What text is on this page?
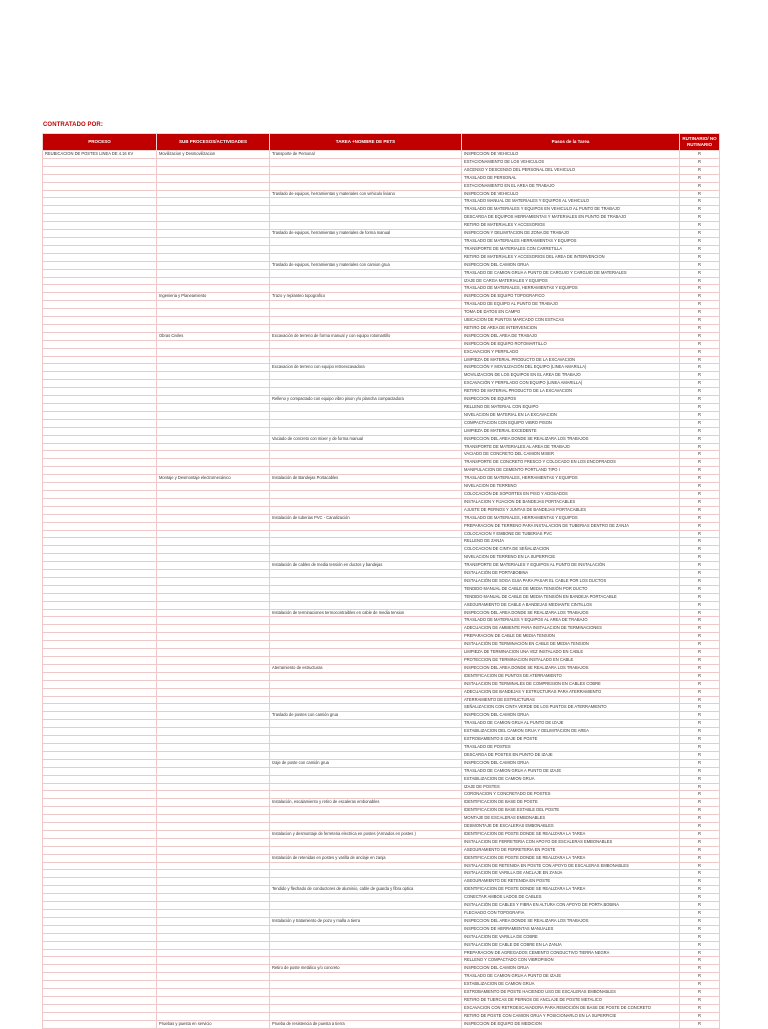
CONTRATADO POR:
PROCESO	SUB PROCESOS/ACTIVIDADES	TAREA +NOMBRE DE PETS	Pasos de la Tarea	RUTINARIO/ NO RUTINARIO
REUBICACION DE POSTES LINEA DE 4.16 KV	Movilizacion y Desmovilizacion	Transporte de Personal	INSPECCION DE VEHICULO	R
			ESTACIONAMIENTO DE LOS VEHICULOS	R
			ASCENSO Y DESCENSO DEL PERSONAL DEL VEHICULO	R
			TRASLADO DE PERSONAL	R
			ESTACIONAMIENTO EN EL AREA DE TRABAJO	R
		Traslado de equipos, herramientas y materiales con vehiculo liviano	INSPECCION DE VEHICULO	R
			TRASLADO MANUAL DE MATERIALES Y EQUIPOS AL VEHICULO	R
			TRASLADO DE MATERIALES Y EQUIPOS EN VEHICULO AL PUNTO DE TRABAJO	R
			DESCARGA DE EQUIPOS HERRAMIENTAS Y MATERIALES EN PUNTO DE TRABAJO	R
			RETIRO DE MATERIALES Y ACCESORIOS	R
		Traslado de equipos, herramientas y materiales de forma manual	INSPECCION Y DELIMITACION DE ZONA DE TRABAJO	R
			TRASLADO DE MATERIALES HERRAMIENTAS Y EQUIPOS	R
			TRANSPORTE DE MATERIALES CON CARRETILLA	R
			RETIRO DE MATERIALES Y ACCESORIOS DEL AREA DE INTERVENCION	R
		Traslado de equipos, herramientas y materiales con camion grua	INSPECCION DEL CAMION GRUA	R
			TRASLADO DE CAMION GRUA A PUNTO DE CARGUIO Y CARGUIO DE MATERIALES	R
			IZAJE DE CARGA MATERIALES Y EQUIPOS	R
			TRASLADO DE MATERIALES, HERRAMIENTAS Y EQUIPOS	R
	Ingenieria y Planeamiento	Trazo y replanteo topografico	INSPECCION DE EQUIPO TOPOGRAFICO	R
			TRASLADO DE EQUIPO AL PUNTO DE TRABAJO	R
			TOMA DE DATOS EN CAMPO	R
			UBICACION DE PUNTOS MARCADO CON ESTACAS	R
			RETIRO DE AREA DE INTERVENCION	R
	Obras Civiles	Excavación de terreno de forma manual y con equipo rotomartillo	INSPECCION DEL AREA DE TRABAJO	R
			INSPECCION DE EQUIPO ROTOMARTILLO	R
			EXCAVACION Y PERFILADO	R
			LIMPIEZA DE MATERIAL PRODUCTO DE LA EXCAVACION	R
		Excavacion de terreno con equipo retroexcavadora	INSPECCIÓN Y MOVILIZACIÓN DEL EQUIPO (LINEA AMARILLA)	R
			MOVILIZACION DE LOS EQUIPOS EN EL AREA DE TRABAJO	R
			EXCAVACIÓN Y PERFILADO CON EQUIPO (LINEA AMARILLA)	R
			RETIRO DE MATERIAL PRODUCTO DE LA EXCAVACION	R
		Relleno y compactado con equipo vibro pison y/o plancha compactadora	INSPECCION DE EQUIPOS	R
			RELLENO DE MATERIAL CON EQUIPO	R
			NIVELACION DE MATERIAL EN LA EXCAVACION	R
			COMPACTACION CON EQUIPO VIBRO PISON	R
			LIMPIEZA DE MATERIAL EXCEDENTE	R
		Vaciado de concreto con mixer y de forma manual	INSPECCION DEL AREA DONDE SE REALIZARA LOS TRABAJOS	R
			TRANSPORTE DE MATERIALES AL AREA DE TRABAJO	R
			VACIADO DE CONCRETO DEL CAMION MIXER	R
			TRANSPORTE DE CONCRETO FRESCO Y COLOCADO EN LOS ENCOFRADOS	R
			MANIPULACION DE CEMENTO PORTLAND TIPO I	R
	Montaje y Desmontaje electromecánico	Instalación de Bandejas Portacables	TRASLADO DE MATERIALES, HERRAMIENTAS Y EQUIPOS	R
			NIVELACION DE TERRENO	R
			COLOCACIÓN DE SOPORTES EN PISO Y ADOSADOS	R
			INSTALACION Y FIJACION DE BANDEJAS PORTACABLES	R
			AJUSTE DE PERNOS Y JUNTAS DE BANDEJAS PORTACABLES	R
		Instalación de tuberias PVC - Canalización	TRASLADO DE MATERIALES, HERRAMIENTAS Y EQUIPOS	R
			PREPARACION DE TERRENO PARA INSTALACION DE TUBERIAS DENTRO DE ZANJA	R
			COLOCACION Y EMBONE DE TUBERIAS PVC	R
			RELLENO DE ZANJA	R
			COLOCACION DE CINTA DE SEÑALIZACION	R
			NIVELACION DE TERRENO EN LA SUPERFICIE	R
		Instalación de cables de media tensión en ductos y bandejas	TRANSPORTE DE MATERIALES Y EQUIPOS AL PUNTO DE INSTALACIÓN	R
			INSTALACIÓN DE PORTABOBINA	R
			INSTALACIÓN DE SOGA GUIA PARA PASAR EL CABLE POR LOS DUCTOS	R
			TENDIDO MANUAL DE CABLE DE MEDIA TENSIÓN POR DUCTO	R
			TENDIDO MANUAL DE CABLE DE MEDIA TENSIÓN EN BANDEJA PORTACABLE	R
			ASEGURAMIENTO DE CABLE A BANDEJAS MEDIANTE CINTILLOS	R
		Instalación de terminaciones termocontraibles en cable de media tension	INSPECCION DEL AREA DONDE SE REALIZARA LOS TRABAJOS	R
			TRASLADO DE MATERIALES Y EQUIPOS AL AREA DE TRABAJO	R
			ADECUACION DE AMBIENTE PARA INSTALACION DE TERMINACIONES	R
			PREPARACION DE CABLE DE MEDIA TENSION	R
			INSTALACIÓN DE TERMINACIÓN EN CABLE DE MEDIA TENSION	R
			LIMPIEZA DE TERMINACION UNA VEZ INSTALADO EN CABLE	R
			PROTECCION DE TERMINACION INSTALADO EN CABLE	R
		Aterramiento de estructuras	INSPECCION DEL AREA DONDE SE REALIZARA LOS TRABAJOS	R
			IDENTIFICACION DE PUNTOS DE ATERRAMIENTO	R
			INSTALACION DE TERMINALES DE COMPRESION EN CABLES COBRE	R
			ADECUACION DE BANDEJAS Y ESTRUCTURAS PARA ATERRAMIENTO	R
			ATERRAMIENTO DE ESTRUCTURAS	R
			SEÑALIZACION CON CINTA VERDE DE LOS PUNTOS DE ATERRAMIENTO	R
		Traslado de postes con camión grua	INSPECCION DEL CAMION GRUA	R
			TRASLADO DE CAMION GRUA AL PUNTO DE IZAJE	R
			ESTABILIZACION DEL CAMION GRUA Y DELIMITACION DE AREA	R
			ESTROBAMIENTO E IZAJE DE POSTE	R
			TRASLADO DE POSTES	R
			DESCARGA DE POSTES EN PUNTO DE IZAJE	R
		Izaje de poste con camión grua	INSPECCION DEL CAMION GRUA	R
			TRASLADO DE CAMION GRUA A PUNTO DE IZAJE	R
			ESTABILIZACION DE CAMION GRUA	R
			IZAJE DE POSTES	R
			CORONACION Y CONCRETADO DE POSTES	R
		Instalación, escalamiento y retiro de escaleras embonables	IDENTIFICACION DE BASE DE POSTE	R
			IDENTIFICACION DE BASE ESTABLE DEL POSTE	R
			MONTAJE DE ESCALERAS EMBONABLES	R
			DESMONTAJE DE ESCALERAS EMBONABLES	R
		Instalacion y desmontaje de ferreteria electrica en postes (Armados en postes )	IDENTIFICACION DE POSTE DONDE SE REALIZARA LA TAREA	R
			INSTALACION DE FERRETERIA CON APOYO DE ESCALERAS EMBONABLES	R
			ASEGURAMIENTO DE FERRETERIA EN POSTE	R
		Instalación de retenidas en postes y varilla de anclaje en zanja	IDENTIFICACION DE POSTE DONDE SE REALIZARA LA TAREA	R
			INSTALACION DE RETENIDA EN POSTE CON APOYO DE ESCALERAS EMBONABLES	R
			INSTALACION DE VARILLA DE ANCLAJE EN ZANJA	R
			ASEGURAMIENTO DE RETENIDA EN POSTE	R
		Tendido y flechado de conductores de aluminio, cable de guarda y fibra optica	IDENTIFICACION DE POSTE DONDE SE REALIZARA LA TAREA	R
			CONECTAR AMBOS LADOS DE CABLES	R
			INSTALACIÓN DE CABLES Y FIBRA EN ALTURA CON APOYO DE PORTA BOBINA	R
			FLECHADO CON TOPOGRAFIA	R
		Instalación y tratamiento de pozo y malla a tierra	INSPECCION DEL AREA DONDE SE REALIZARA LOS TRABAJOS	R
			INSPECCION DE HERRAMIENTAS MANUALES	R
			INSTALACION DE VARILLA DE COBRE	R
			INSTALACION DE CABLE DE COBRE EN LA ZANJA	R
			PREPARACION DE AGREGADOS CEMENTO CONDUCTIVO TIERRA NEGRA	R
			RELLENO Y COMPACTADO CON VIBROPISON	R
		Retiro de poste metálico y/o concreto	INSPECCION DEL CAMION GRUA	R
			TRASLADO DE CAMION GRUA A PUNTO DE IZAJE	R
			ESTABILIZACION DE CAMION GRUA	R
			ESTROBAMIENTO DE POSTE HACIENDO USO DE ESCALERAS EMBONABLES	R
			RETIRO DE TUERCAS DE PERNOS DE ANCLAJE DE POSTE METALICO	R
			EXCAVACION CON RETROEXCAVADORA PARA REMOCIÓN DE BASE DE POSTE DE CONCRETO	R
			RETIRO DE POSTE CON CAMION GRUA Y POSICIONARLO EN LA SUPERFICIE	R
	Pruebas y puesta en servicio	Prueba de resistencia de puesta a tierra	INSPECCION DE EQUIPO DE MEDICION	R
